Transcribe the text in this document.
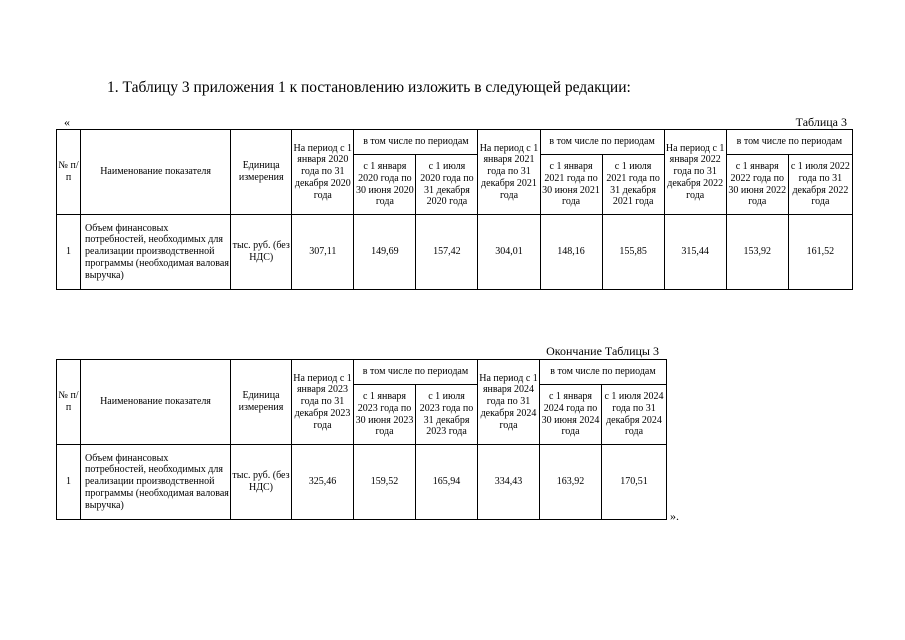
1. Таблицу 3 приложения 1 к постановлению изложить в следующей редакции:
«	Таблица 3
№ п/п	Наименование показателя	Единица измерения	На период с 1 января 2020 года по 31 декабря 2020 года	в том числе по периодам		На период с 1 января 2021 года по 31 декабря 2021 года	в том числе по периодам		На период с 1 января 2022 года по 31 декабря 2022 года	в том числе по периодам	
				с 1 января 2020 года по 30 июня 2020 года	с 1 июля 2020 года по 31 декабря 2020 года		с 1 января 2021 года по 30 июня 2021 года	с 1 июля 2021 года по 31 декабря 2021 года		с 1 января 2022 года по 30 июня 2022 года	с 1 июля 2022 года по 31 декабря 2022 года
1	Объем финансовых потребностей, необходимых для реализации производственной программы (необходимая валовая выручка)	тыс. руб. (без НДС)	307,11	149,69	157,42	304,01	148,16	155,85	315,44	153,92	161,52
Окончание Таблицы 3
№ п/п	Наименование показателя	Единица измерения	На период с 1 января 2023 года по 31 декабря 2023 года	в том числе по периодам		На период с 1 января 2024 года по 31 декабря 2024 года	в том числе по периодам	
				с 1 января 2023 года по 30 июня 2023 года	с 1 июля 2023 года по 31 декабря 2023 года		с 1 января 2024 года по 30 июня 2024 года	с 1 июля 2024 года по 31 декабря 2024 года
1	Объем финансовых потребностей, необходимых для реализации производственной программы (необходимая валовая выручка)	тыс. руб. (без НДС)	325,46	159,52	165,94	334,43	163,92	170,51
».
